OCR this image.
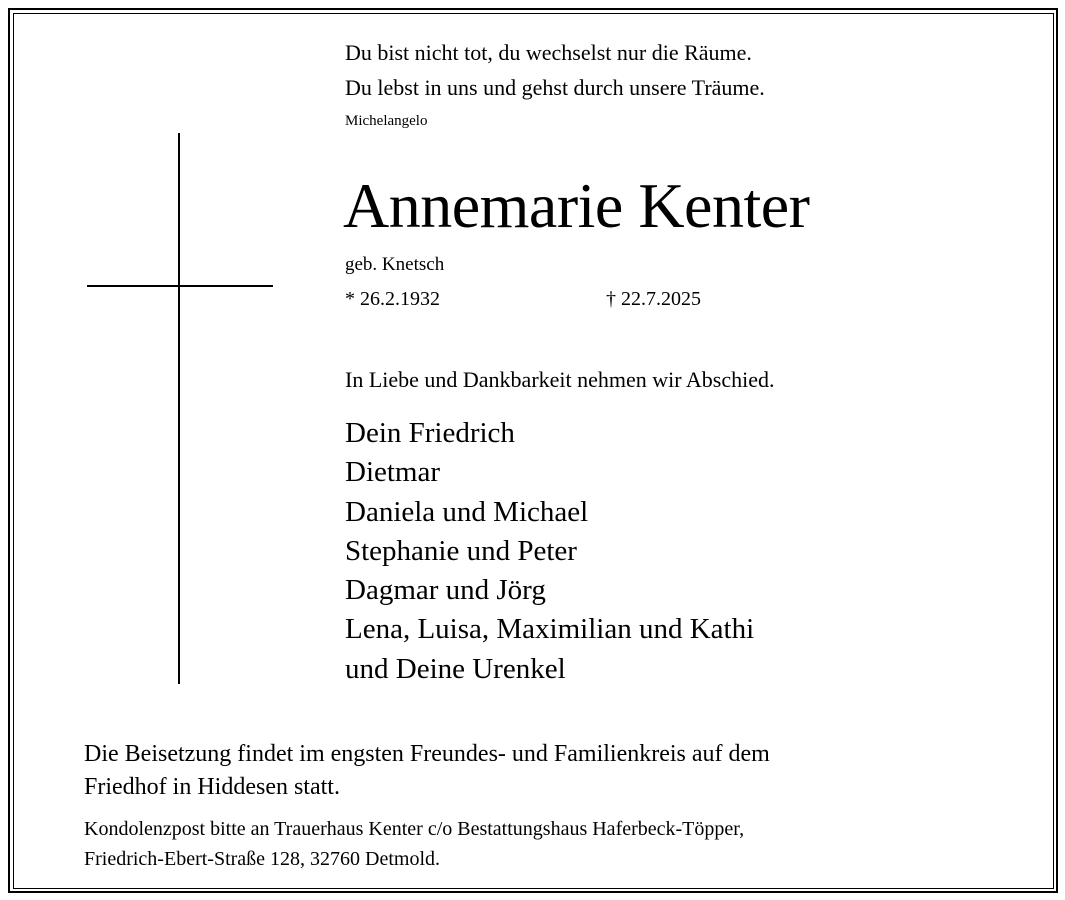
Du bist nicht tot, du wechselst nur die Räume.

Du lebst in uns und gehst durch unsere Träume.

Michelangelo

Annemarie Kenter

geb. Knetsch

* 26.2.1932	† 22.7.2025

In Liebe und Dankbarkeit nehmen wir Abschied.

Dein Friedrich
Dietmar
Daniela und Michael
Stephanie und Peter
Dagmar und Jörg
Lena, Luisa, Maximilian und Kathi
und Deine Urenkel
Die Beisetzung findet im engsten Freundes- und Familienkreis auf dem
Friedhof in Hiddesen statt.
Kondolenzpost bitte an Trauerhaus Kenter c/o Bestattungshaus Haferbeck-Töpper,
Friedrich-Ebert-Straße 128, 32760 Detmold.
